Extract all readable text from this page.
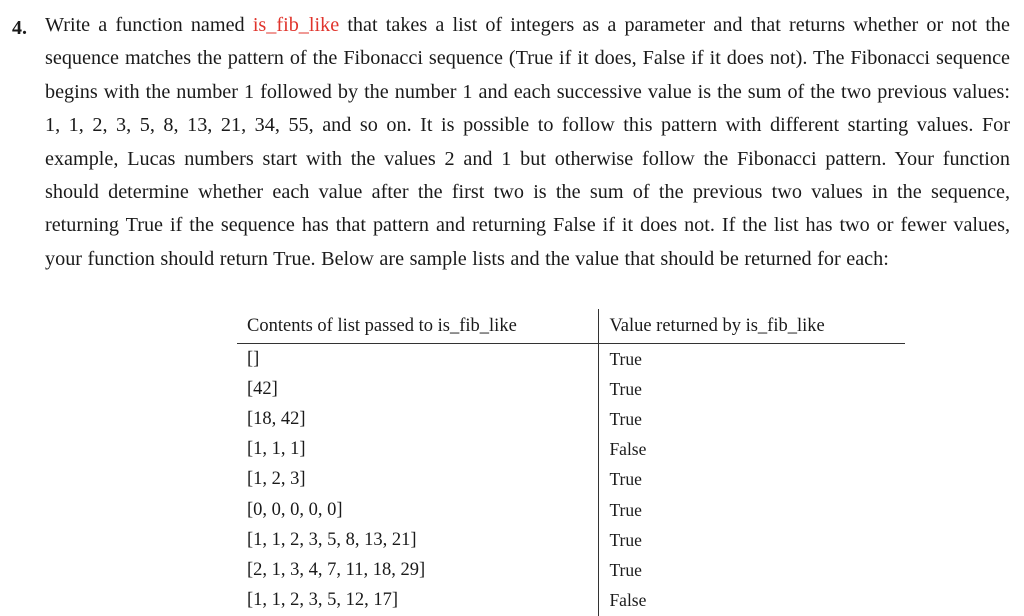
4. Write a function named is_fib_like that takes a list of integers as a parameter and that returns whether or not the sequence matches the pattern of the Fibonacci sequence (True if it does, False if it does not). The Fibonacci sequence begins with the number 1 followed by the number 1 and each successive value is the sum of the two previous values: 1, 1, 2, 3, 5, 8, 13, 21, 34, 55, and so on. It is possible to follow this pattern with different starting values. For example, Lucas numbers start with the values 2 and 1 but otherwise follow the Fibonacci pattern. Your function should determine whether each value after the first two is the sum of the previous two values in the sequence, returning True if the sequence has that pattern and returning False if it does not. If the list has two or fewer values, your function should return True. Below are sample lists and the value that should be returned for each:

Contents of list passed to is_fib_like	Value returned by is_fib_like
[]	True
[42]	True
[18, 42]	True
[1, 1, 1]	False
[1, 2, 3]	True
[0, 0, 0, 0, 0]	True
[1, 1, 2, 3, 5, 8, 13, 21]	True
[2, 1, 3, 4, 7, 11, 18, 29]	True
[1, 1, 2, 3, 5, 12, 17]	False
